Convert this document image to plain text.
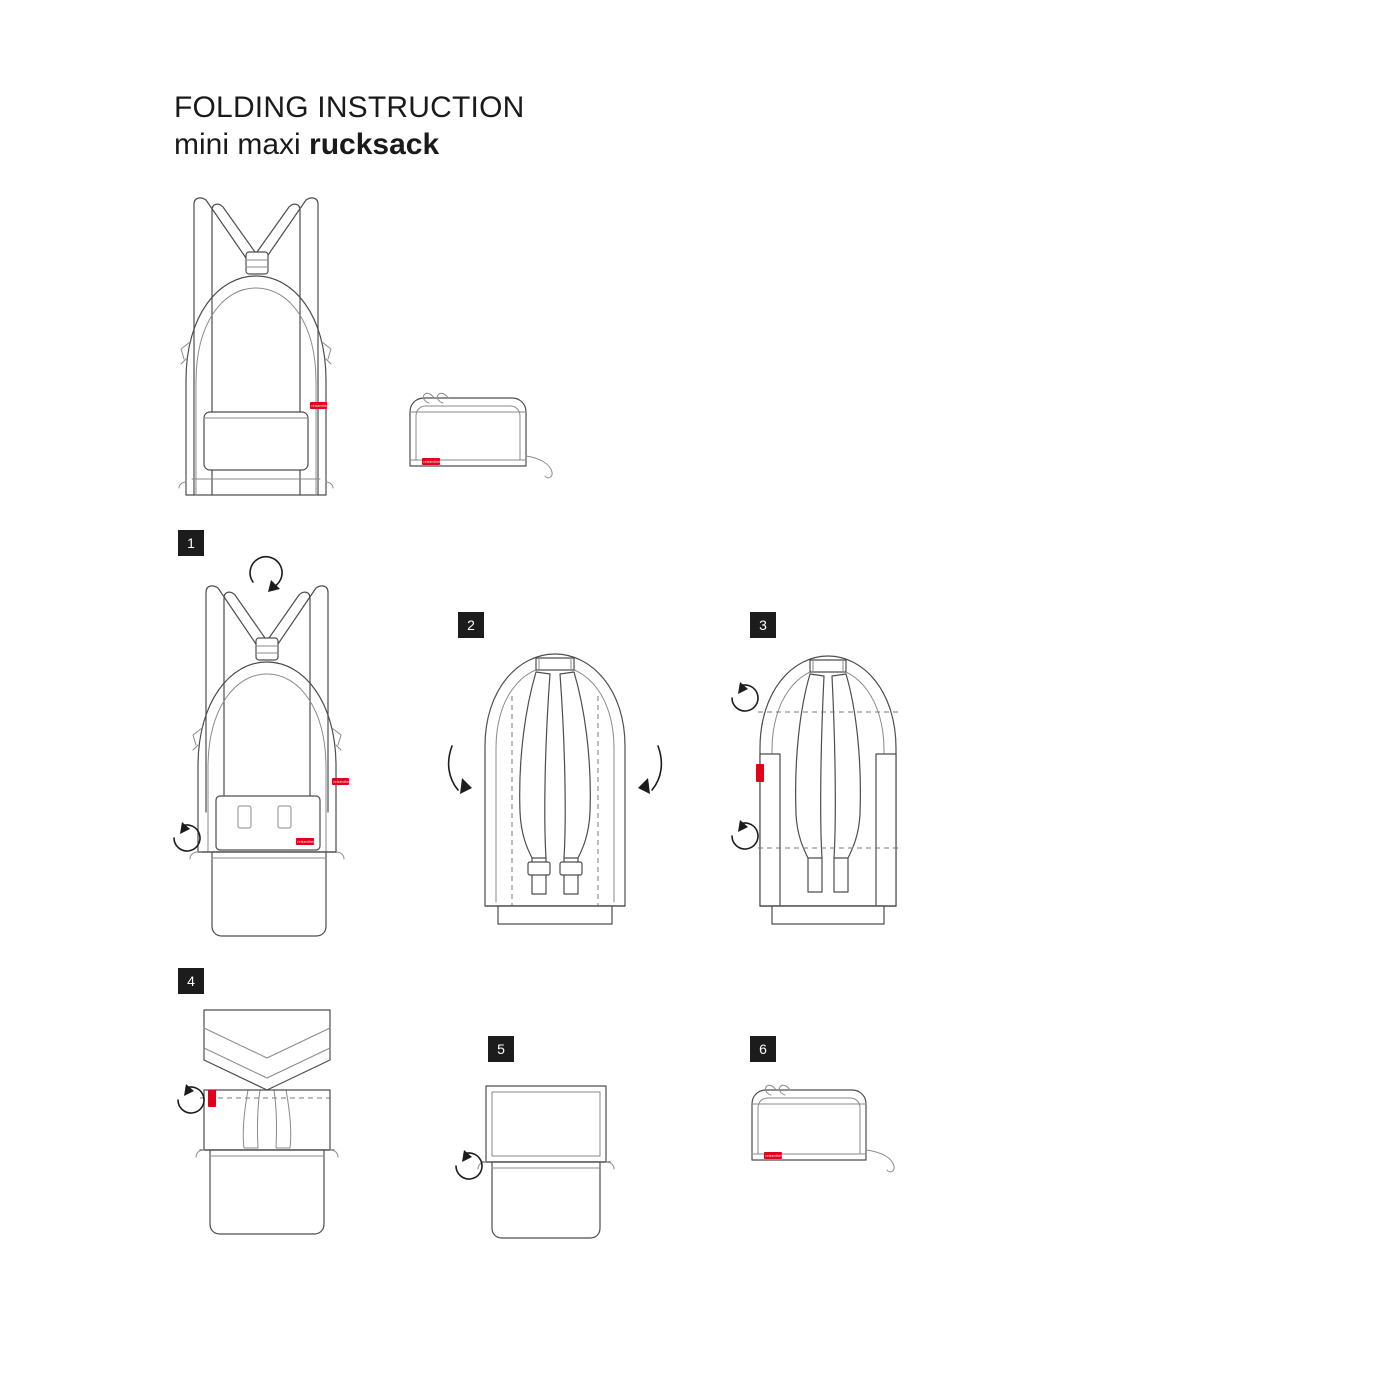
FOLDING INSTRUCTION
mini maxi rucksack
reisenthel
reisenthel
1
reisenthel
reisenthel
2	3
4
5	6
reisenthel
